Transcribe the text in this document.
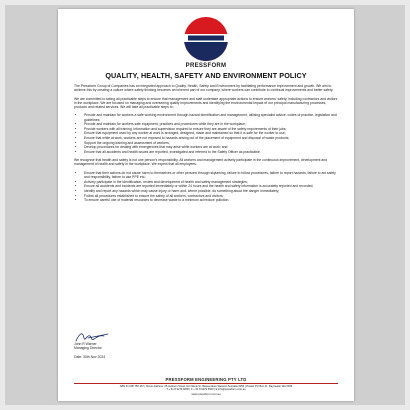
PRESSFORM
QUALITY, HEALTH, SAFETY AND ENVIRONMENT POLICY

The Pressform Group of Companies has an integrated approach to Quality, Health, Safety and Environment by facilitating performance improvement and growth. We aim to achieve this by creating a culture where safety thinking becomes an inherent part of our company, where workers can contribute to continual improvements and better safety.

We are committed to taking all practicable steps to ensure that management and staff undertake appropriate actions to ensure workers' safety, including contractors and visitors in the workplace. We are focused on managing and overseeing quality improvements and identifying the environmental impact of our principal manufacturing processes, products and related services. We will take all practicable steps to:

• Provide and maintain for workers a safe working environment through hazard identification and management, utilising specialist advice, codes of practice, legislation and guidelines;
• Provide and maintain for workers safe equipment, practices and procedures while they are in the workplace;
• Provide workers with all training, information and supervision required to ensure they are aware of the safety requirements of their jobs;
• Ensure that equipment used by any worker at work is arranged, designed, made and maintained so that it is safe for the worker to use;
• Ensure that while at work, workers are not exposed to hazards arising out of the placement of equipment and disposal of waste products;
• Support the ongoing training and assessment of workers;
• Develop procedures for dealing with emergencies that may arise while workers are at work; and
• Ensure that all accidents and health issues are reported, investigated and referred to the Safety Officer as practicable.

We recognise that health and safety is not one person's responsibility. All workers and management actively participate in the continuous improvement, development and management of health and safety in the workplace. We expect that all employees:

• Ensure that their actions do not cause harm to themselves or other persons through skylarking, failure to follow procedures, failure to report hazards, failure to act safely and responsibility, failure to use PPE etc.;
• Actively participate in the identification, review and development of health and safety management strategies;
• Ensure all accidents and incidents are reported immediately or within 24 hours and the health and safety information is accurately reported and recorded;
• Identify and report any hazards which may cause injury or harm and, where possible, do something about the danger immediately;
• Follow all procedures established to ensure the safety of all workers, contractors and visitors;
• To ensure careful use of material resources to decrease waste to a minimum ad reduce pollution.
John R Warner
Managing Director
Date: 30th Nov 2024
PRESSFORM ENGINEERING PTY LTD
ABN 31 008 750 467 | Street Address: 25 Jackson Street Unit Nkosi St, Bassendean Western Australia 6054 | Postal: PO Box 21, Bayswater WA 6933
T + 61 8 9279 6600 | F + 61 8 9279 6500 | E info@pressform.com.au
www.pressform.com.au
